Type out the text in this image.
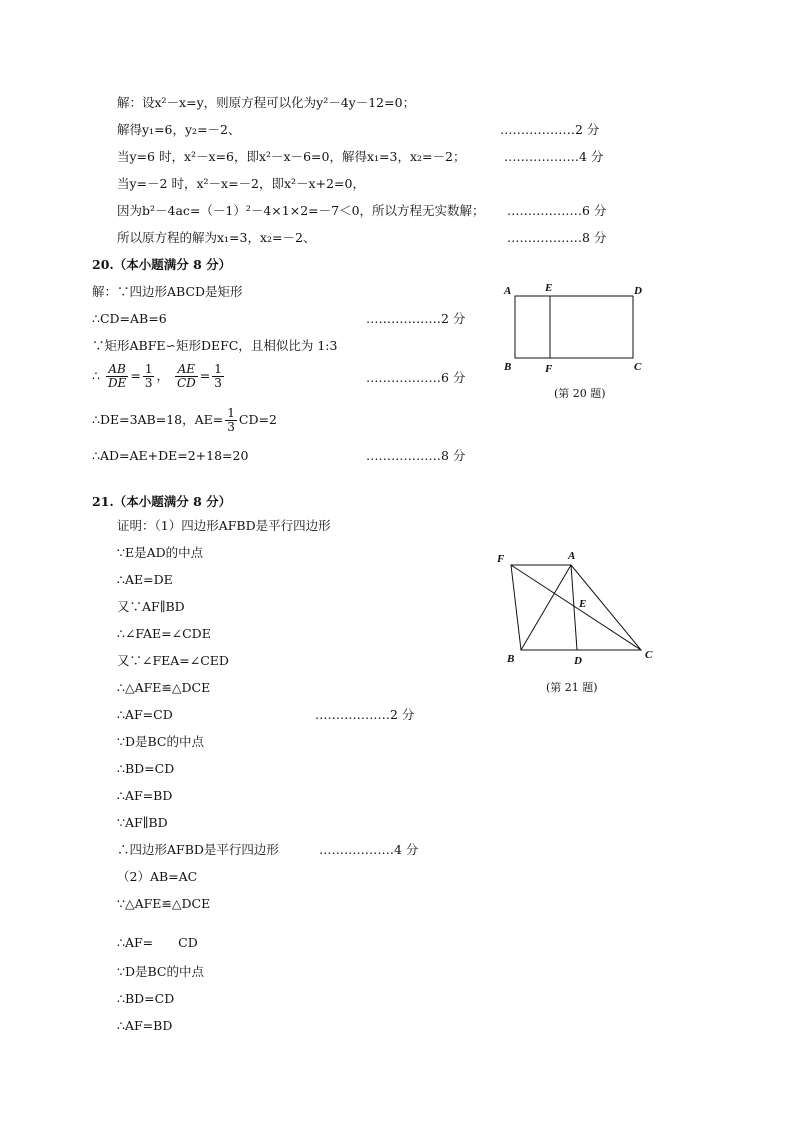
解：设x²－x=y，则原方程可以化为y²－4y－12=0；
解得y₁=6，y₂=－2、	………………2 分
当y=6 时，x²－x=6，即x²－x－6=0，解得x₁=3，x₂=－2；	………………4 分
当y=－2 时，x²－x=－2，即x²－x+2=0，
因为b²－4ac=（－1）²－4×1×2=－7＜0，所以方程无实数解； ………………6 分
所以原方程的解为x₁=3，x₂=－2、	………………8 分
20.（本小题满分 8 分）
解：∵四边形ABCD是矩形
∴CD=AB=6	………………2 分
∵矩形ABFE∽矩形DEFC，且相似比为 1:3
∴ $\frac{AB}{DE} = \frac{1}{3}$ ， $\frac{AE}{CD} = \frac{1}{3}$	………………6 分
∴DE=3AB=18，$AE= \frac{1}{3} CD=2$
∴AD=AE+DE=2+18=20	………………8 分
A	E	D
B	F	C
(第 20 题)
21.（本小题满分 8 分）
证明：（1）四边形AFBD是平行四边形
∵E是AD的中点
∴AE=DE
又∵AF∥BD
∴∠FAE=∠CDE
又∵∠FEA=∠CED
∴△AFE≌△DCE
∴AF=CD	………………2 分
∵D是BC的中点
∴BD=CD
∴AF=BD
∵AF∥BD
∴四边形AFBD是平行四边形	………………4 分
（2）AB=AC
∵△AFE≌△DCE
∴AF=　　CD
∵D是BC的中点
∴BD=CD
∴AF=BD
F	A
E
B	D	C
(第 21 题)
